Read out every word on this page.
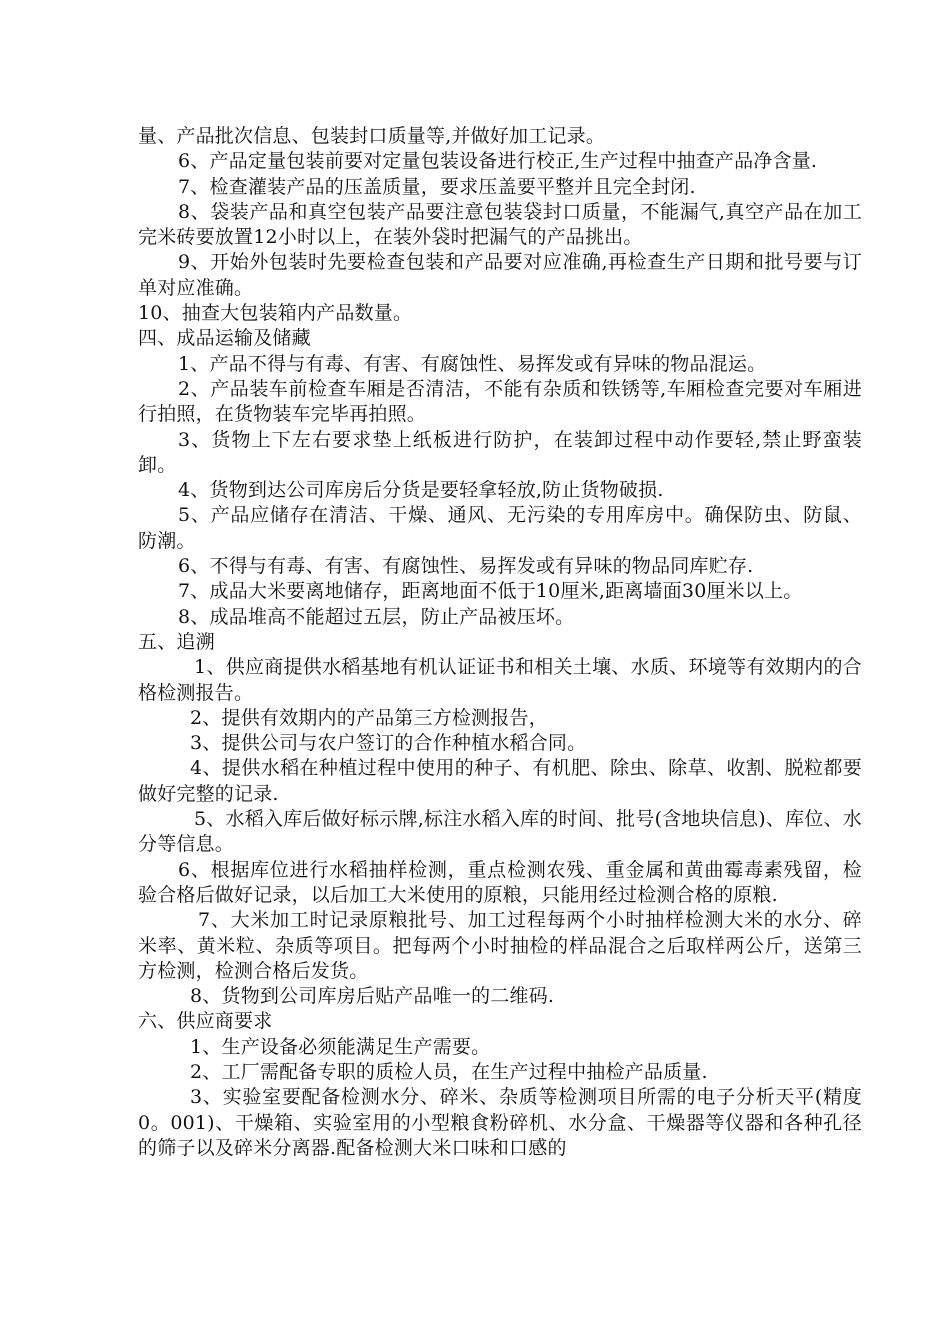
量、产品批次信息、包装封口质量等,并做好加工记录。

6、产品定量包装前要对定量包装设备进行校正,生产过程中抽查产品净含量.

7、检查灌装产品的压盖质量，要求压盖要平整并且完全封闭.

8、袋装产品和真空包装产品要注意包装袋封口质量，不能漏气,真空产品在加工完米砖要放置12小时以上，在装外袋时把漏气的产品挑出。

9、开始外包装时先要检查包装和产品要对应准确,再检查生产日期和批号要与订单对应准确。

10、抽查大包装箱内产品数量。

四、成品运输及储藏

1、产品不得与有毒、有害、有腐蚀性、易挥发或有异味的物品混运。

2、产品装车前检查车厢是否清洁，不能有杂质和铁锈等,车厢检查完要对车厢进行拍照，在货物装车完毕再拍照。

3、货物上下左右要求垫上纸板进行防护，在装卸过程中动作要轻,禁止野蛮装卸。

4、货物到达公司库房后分货是要轻拿轻放,防止货物破损.

5、产品应储存在清洁、干燥、通风、无污染的专用库房中。确保防虫、防鼠、防潮。

6、不得与有毒、有害、有腐蚀性、易挥发或有异味的物品同库贮存.

7、成品大米要离地储存，距离地面不低于10厘米,距离墙面30厘米以上。

8、成品堆高不能超过五层，防止产品被压坏。

五、追溯

1、供应商提供水稻基地有机认证证书和相关土壤、水质、环境等有效期内的合格检测报告。

2、提供有效期内的产品第三方检测报告，

3、提供公司与农户签订的合作种植水稻合同。

4、提供水稻在种植过程中使用的种子、有机肥、除虫、除草、收割、脱粒都要做好完整的记录.

5、水稻入库后做好标示牌,标注水稻入库的时间、批号(含地块信息)、库位、水分等信息。

6、根据库位进行水稻抽样检测，重点检测农残、重金属和黄曲霉毒素残留，检验合格后做好记录，以后加工大米使用的原粮，只能用经过检测合格的原粮.

7、大米加工时记录原粮批号、加工过程每两个小时抽样检测大米的水分、碎米率、黄米粒、杂质等项目。把每两个小时抽检的样品混合之后取样两公斤，送第三方检测，检测合格后发货。

8、货物到公司库房后贴产品唯一的二维码.

六、供应商要求

1、生产设备必须能满足生产需要。

2、工厂需配备专职的质检人员，在生产过程中抽检产品质量.

3、实验室要配备检测水分、碎米、杂质等检测项目所需的电子分析天平(精度0。001)、干燥箱、实验室用的小型粮食粉碎机、水分盒、干燥器等仪器和各种孔径的筛子以及碎米分离器.配备检测大米口味和口感的
